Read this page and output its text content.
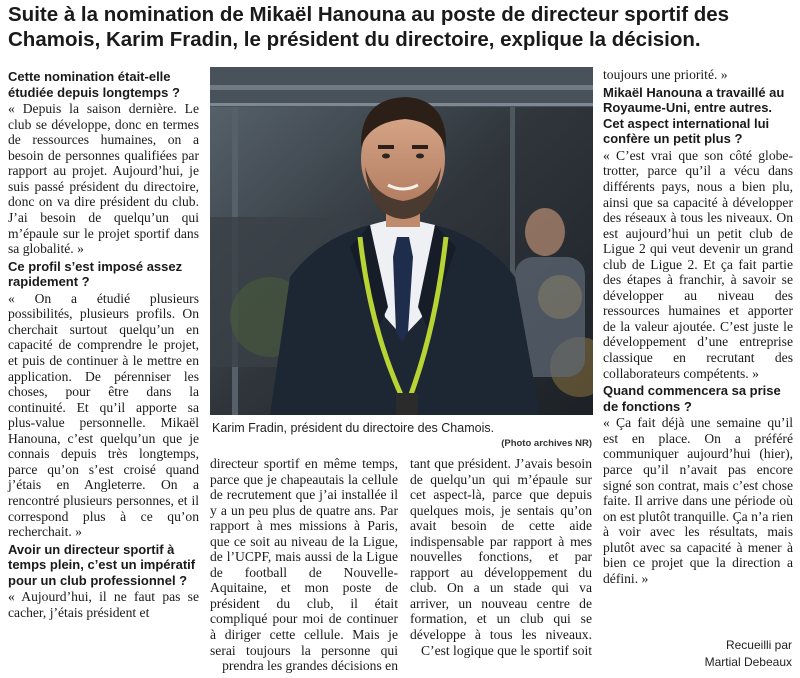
Suite à la nomination de Mikaël Hanouna au poste de directeur sportif des Chamois, Karim Fradin, le président du directoire, explique la décision.
Cette nomination était-elle étudiée depuis longtemps ?

« Depuis la saison dernière. Le club se développe, donc en termes de ressources humaines, on a besoin de personnes qualifiées par rapport au projet. Aujourd’hui, je suis passé président du directoire, donc on va dire président du club. J’ai besoin de quelqu’un qui m’épaule sur le projet sportif dans sa globalité. »

Ce profil s’est imposé assez rapidement ?

« On a étudié plusieurs possibilités, plusieurs profils. On cherchait surtout quelqu’un en capacité de comprendre le projet, et puis de continuer à le mettre en application. De pérenniser les choses, pour être dans la continuité. Et qu’il apporte sa plus-value personnelle. Mikaël Hanouna, c’est quelqu’un que je connais depuis très longtemps, parce qu’on s’est croisé quand j’étais en Angleterre. On a rencontré plusieurs personnes, et il correspond plus à ce qu’on recherchait. »

Avoir un directeur sportif à temps plein, c’est un impératif pour un club professionnel ?

« Aujourd’hui, il ne faut pas se cacher, j’étais président et

Karim Fradin, président du directoire des Chamois.
(Photo archives NR)

directeur sportif en même temps, parce que je chapeautais la cellule de recrutement que j’ai installée il y a un peu plus de quatre ans. Par rapport à mes missions à Paris, que ce soit au niveau de la Ligue, de l’UCPF, mais aussi de la Ligue de football de Nouvelle-Aquitaine, et mon poste de président du club, il était compliqué pour moi de continuer à diriger cette cellule. Mais je serai toujours la personne qui prendra les grandes décisions en

tant que président. J’avais besoin de quelqu’un qui m’épaule sur cet aspect-là, parce que depuis quelques mois, je sentais qu’on avait besoin de cette aide indispensable par rapport à mes nouvelles fonctions, et par rapport au développement du club. On a un stade qui va arriver, un nouveau centre de formation, et un club qui se développe à tous les niveaux. C’est logique que le sportif soit

toujours une priorité. »

Mikaël Hanouna a travaillé au Royaume-Uni, entre autres. Cet aspect international lui confère un petit plus ?

« C’est vrai que son côté globe-trotter, parce qu’il a vécu dans différents pays, nous a bien plu, ainsi que sa capacité à développer des réseaux à tous les niveaux. On est aujourd’hui un petit club de Ligue 2 qui veut devenir un grand club de Ligue 2. Et ça fait partie des étapes à franchir, à savoir se développer au niveau des ressources humaines et apporter de la valeur ajoutée. C’est juste le développement d’une entreprise classique en recrutant des collaborateurs compétents. »

Quand commencera sa prise de fonctions ?

« Ça fait déjà une semaine qu’il est en place. On a préféré communiquer aujourd’hui (hier), parce qu’il n’avait pas encore signé son contrat, mais c’est chose faite. Il arrive dans une période où on est plutôt tranquille. Ça n’a rien à voir avec les résultats, mais plutôt avec sa capacité à mener à bien ce projet que la direction a défini. »

Recueilli par
Martial Debeaux
